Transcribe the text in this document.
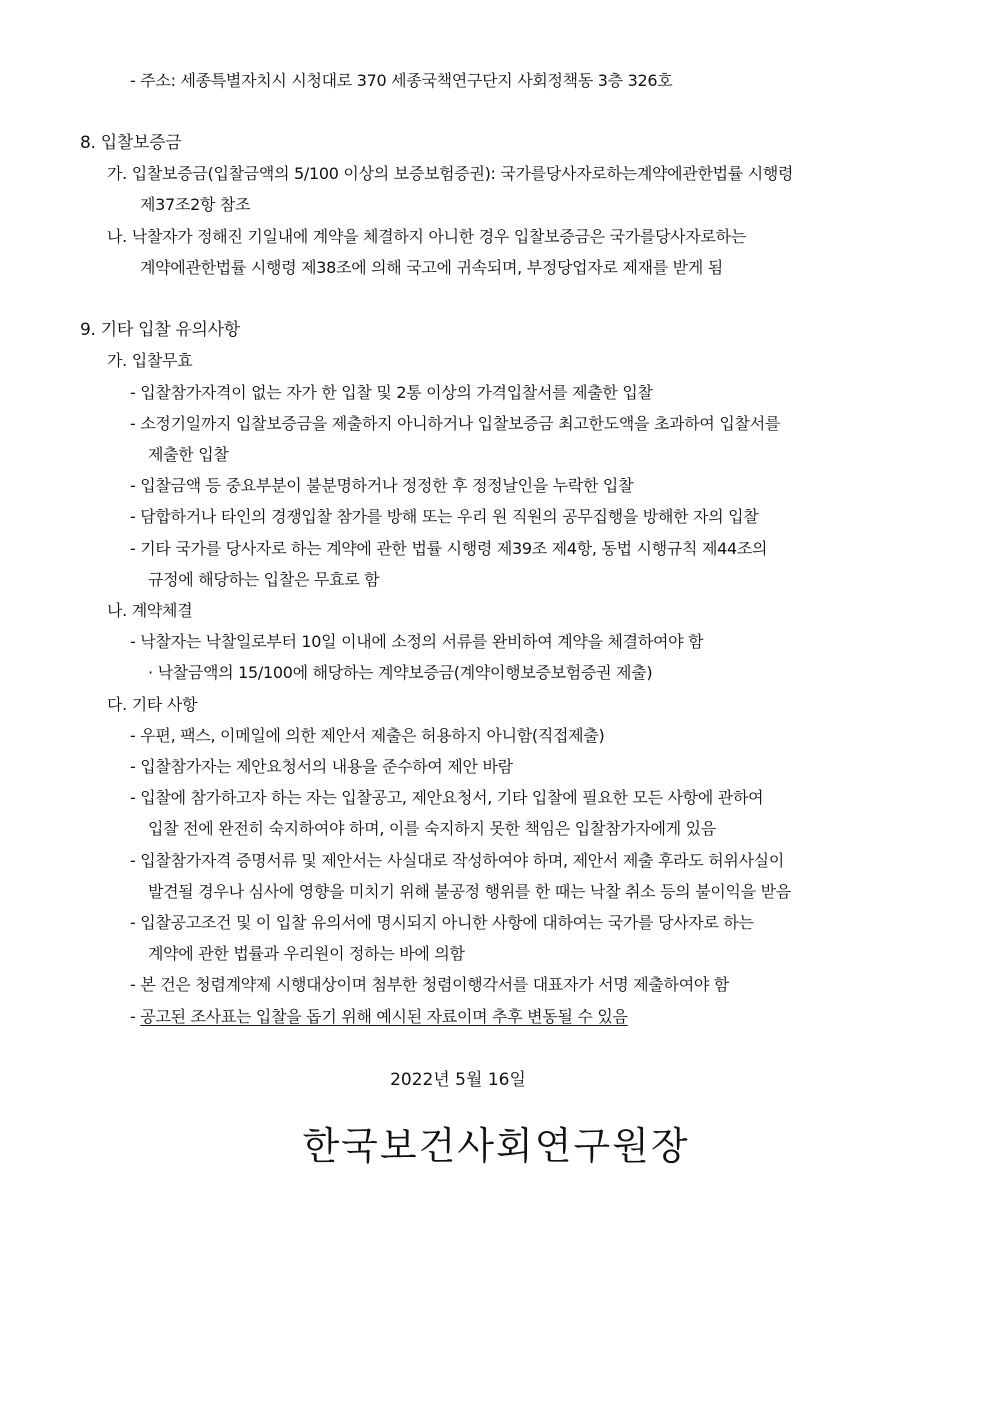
- 주소: 세종특별자치시 시청대로 370 세종국책연구단지 사회정책동 3층 326호
8. 입찰보증금
가. 입찰보증금(입찰금액의 5/100 이상의 보증보험증권): 국가를당사자로하는계약에관한법률 시행령
제37조2항 참조
나. 낙찰자가 정해진 기일내에 계약을 체결하지 아니한 경우 입찰보증금은 국가를당사자로하는
계약에관한법률 시행령 제38조에 의해 국고에 귀속되며, 부정당업자로 제재를 받게 됨
9. 기타 입찰 유의사항
가. 입찰무효
- 입찰참가자격이 없는 자가 한 입찰 및 2통 이상의 가격입찰서를 제출한 입찰
- 소정기일까지 입찰보증금을 제출하지 아니하거나 입찰보증금 최고한도액을 초과하여 입찰서를
제출한 입찰
- 입찰금액 등 중요부분이 불분명하거나 정정한 후 정정날인을 누락한 입찰
- 담합하거나 타인의 경쟁입찰 참가를 방해 또는 우리 원 직원의 공무집행을 방해한 자의 입찰
- 기타 국가를 당사자로 하는 계약에 관한 법률 시행령 제39조 제4항, 동법 시행규칙 제44조의
규정에 해당하는 입찰은 무효로 함
나. 계약체결
- 낙찰자는 낙찰일로부터 10일 이내에 소정의 서류를 완비하여 계약을 체결하여야 함
· 낙찰금액의 15/100에 해당하는 계약보증금(계약이행보증보험증권 제출)
다. 기타 사항
- 우편, 팩스, 이메일에 의한 제안서 제출은 허용하지 아니함(직접제출)
- 입찰참가자는 제안요청서의 내용을 준수하여 제안 바람
- 입찰에 참가하고자 하는 자는 입찰공고, 제안요청서, 기타 입찰에 필요한 모든 사항에 관하여
입찰 전에 완전히 숙지하여야 하며, 이를 숙지하지 못한 책임은 입찰참가자에게 있음
- 입찰참가자격 증명서류 및 제안서는 사실대로 작성하여야 하며, 제안서 제출 후라도 허위사실이
발견될 경우나 심사에 영향을 미치기 위해 불공정 행위를 한 때는 낙찰 취소 등의 불이익을 받음
- 입찰공고조건 및 이 입찰 유의서에 명시되지 아니한 사항에 대하여는 국가를 당사자로 하는
계약에 관한 법률과 우리원이 정하는 바에 의함
- 본 건은 청렴계약제 시행대상이며 첨부한 청렴이행각서를 대표자가 서명 제출하여야 함
- 공고된 조사표는 입찰을 돕기 위해 예시된 자료이며 추후 변동될 수 있음
2022년 5월 16일
한국보건사회연구원장
